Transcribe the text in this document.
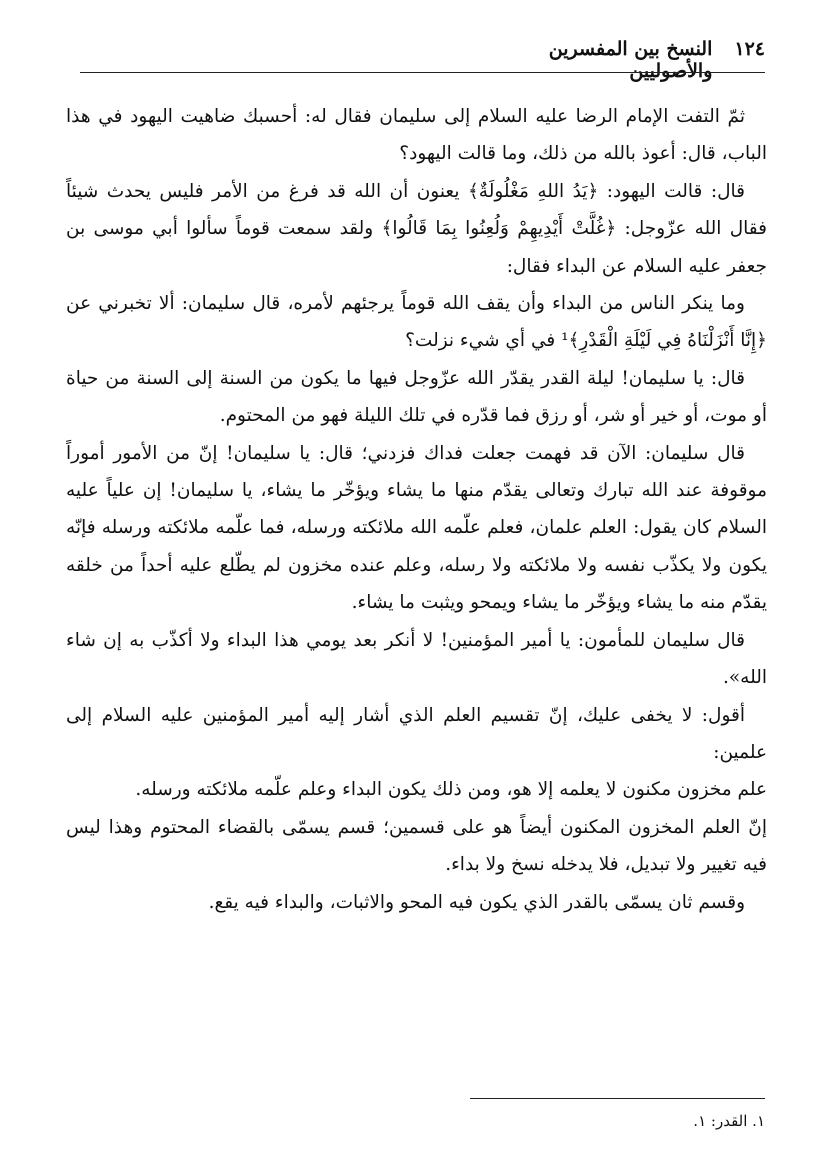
١٢٤
النسخ بين المفسرين والأصوليين

ثمّ التفت الإمام الرضا عليه السلام إلى سليمان فقال له: أحسبك ضاهيت اليهود في هذا الباب، قال: أعوذ بالله من ذلك، وما قالت اليهود؟

قال: قالت اليهود: ﴿يَدُ اللهِ مَغْلُولَةٌ﴾ يعنون أن الله قد فرغ من الأمر فليس يحدث شيئاً فقال الله عزّوجل: ﴿غُلَّتْ أَيْدِيهِمْ وَلُعِنُوا بِمَا قَالُوا﴾ ولقد سمعت قوماً سألوا أبي موسى بن جعفر عليه السلام عن البداء فقال:

وما ينكر الناس من البداء وأن يقف الله قوماً يرجئهم لأمره، قال سليمان: ألا تخبرني عن ﴿إِنَّا أَنْزَلْنَاهُ فِي لَيْلَةِ الْقَدْرِ﴾¹ في أي شيء نزلت؟

قال: يا سليمان! ليلة القدر يقدّر الله عزّوجل فيها ما يكون من السنة إلى السنة من حياة أو موت، أو خير أو شر، أو رزق فما قدّره في تلك الليلة فهو من المحتوم.

قال سليمان: الآن قد فهمت جعلت فداك فزدني؛ قال: يا سليمان! إنّ من الأمور أموراً موقوفة عند الله تبارك وتعالى يقدّم منها ما يشاء ويؤخّر ما يشاء، يا سليمان! إن علياً عليه السلام كان يقول: العلم علمان، فعلم علّمه الله ملائكته ورسله، فما علّمه ملائكته ورسله فإنّه يكون ولا يكذّب نفسه ولا ملائكته ولا رسله، وعلم عنده مخزون لم يطّلع عليه أحداً من خلقه يقدّم منه ما يشاء ويؤخّر ما يشاء ويمحو ويثبت ما يشاء.

قال سليمان للمأمون: يا أمير المؤمنين! لا أنكر بعد يومي هذا البداء ولا أكذّب به إن شاء الله».

أقول: لا يخفى عليك، إنّ تقسيم العلم الذي أشار إليه أمير المؤمنين عليه السلام إلى علمين:

علم مخزون مكنون لا يعلمه إلا هو، ومن ذلك يكون البداء وعلم علّمه ملائكته ورسله.

إنّ العلم المخزون المكنون أيضاً هو على قسمين؛ قسم يسمّى بالقضاء المحتوم وهذا ليس فيه تغيير ولا تبديل، فلا يدخله نسخ ولا بداء.

وقسم ثان يسمّى بالقدر الذي يكون فيه المحو والاثبات، والبداء فيه يقع.

١. القدر: ١.
